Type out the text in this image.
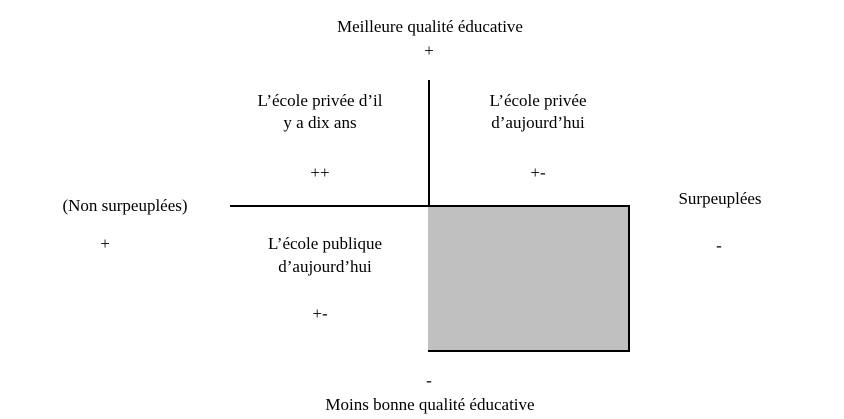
Meilleure qualité éducative
+
L’école privée d’il
y a dix ans
++
L’école privée
d’aujourd’hui
+-
(Non surpeuplées)
+
Surpeuplées
-
L’école publique
d’aujourd’hui
+-
-
Moins bonne qualité éducative
